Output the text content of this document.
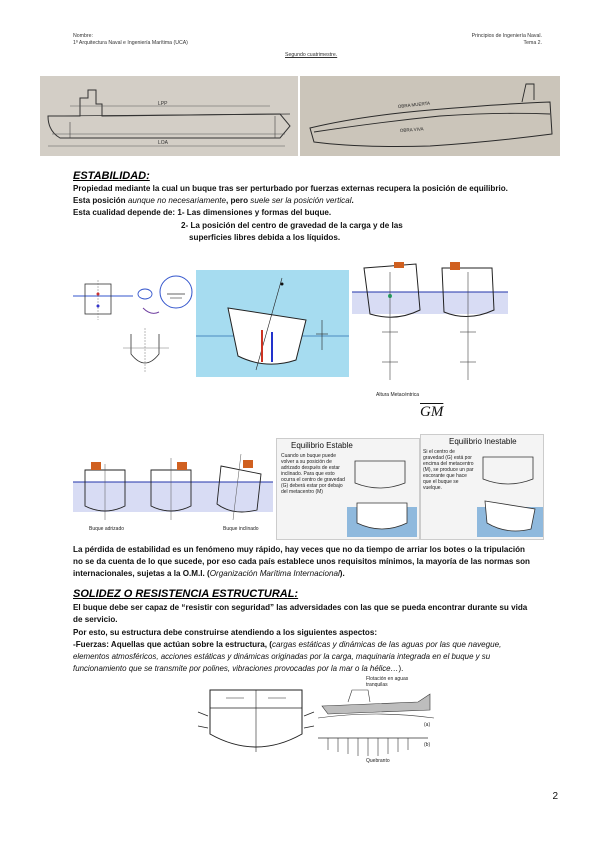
Nombre:
1º Arquitectura Naval e Ingeniería Marítima (UCA)
Principios de Ingeniería Naval.
Tema 2.
Segundo cuatrimestre.
LPP
LOA
OBRA MUERTA
OBRA VIVA
ESTABILIDAD:
Propiedad mediante la cual un buque tras ser perturbado por fuerzas externas recupera la posición de equilibrio.
Esta posición aunque no necesariamente, pero suele ser la posición vertical.
Esta cualidad depende de: 1- Las dimensiones y formas del buque.
2- La posición del centro de gravedad de la carga y de las
superficies libres debida a los líquidos.
Altura Metacéntrica
$\overline{GM}$
Buque adrizado	Buque inclinado
Equilibrio Estable
Cuando un buque puede volver a su posición de adrizado después de estar inclinado. Para que esto ocurra el centro de gravedad (G) deberá estar por debajo del metacentro (M)
Equilibrio Inestable
Si el centro de gravedad (G) está por encima del metacentro (M), se produce un par escorante que hace que el buque se vuelque.
La pérdida de estabilidad es un fenómeno muy rápido, hay veces que no da tiempo de arriar los botes o la tripulación
no se da cuenta de lo que sucede, por eso cada país establece unos requisitos mínimos, la mayoría de las normas son
internacionales, sujetas a la O.M.I. (Organización Marítima Internacional).
SOLIDEZ O RESISTENCIA ESTRUCTURAL:
El buque debe ser capaz de “resistir con seguridad” las adversidades con las que se pueda encontrar durante su vida
de servicio.
Por esto, su estructura debe construirse atendiendo a los siguientes aspectos:
-Fuerzas: Aquellas que actúan sobre la estructura, (cargas estáticas y dinámicas de las aguas por las que navegue,
elementos atmosféricos, acciones estáticas y dinámicas originadas por la carga, maquinaria integrada en el buque y su
funcionamiento que se transmite por polines, vibraciones provocadas por la mar o la hélice…).
Flotación en aguas tranquilas
(a)
(b)
Quebranto
2
